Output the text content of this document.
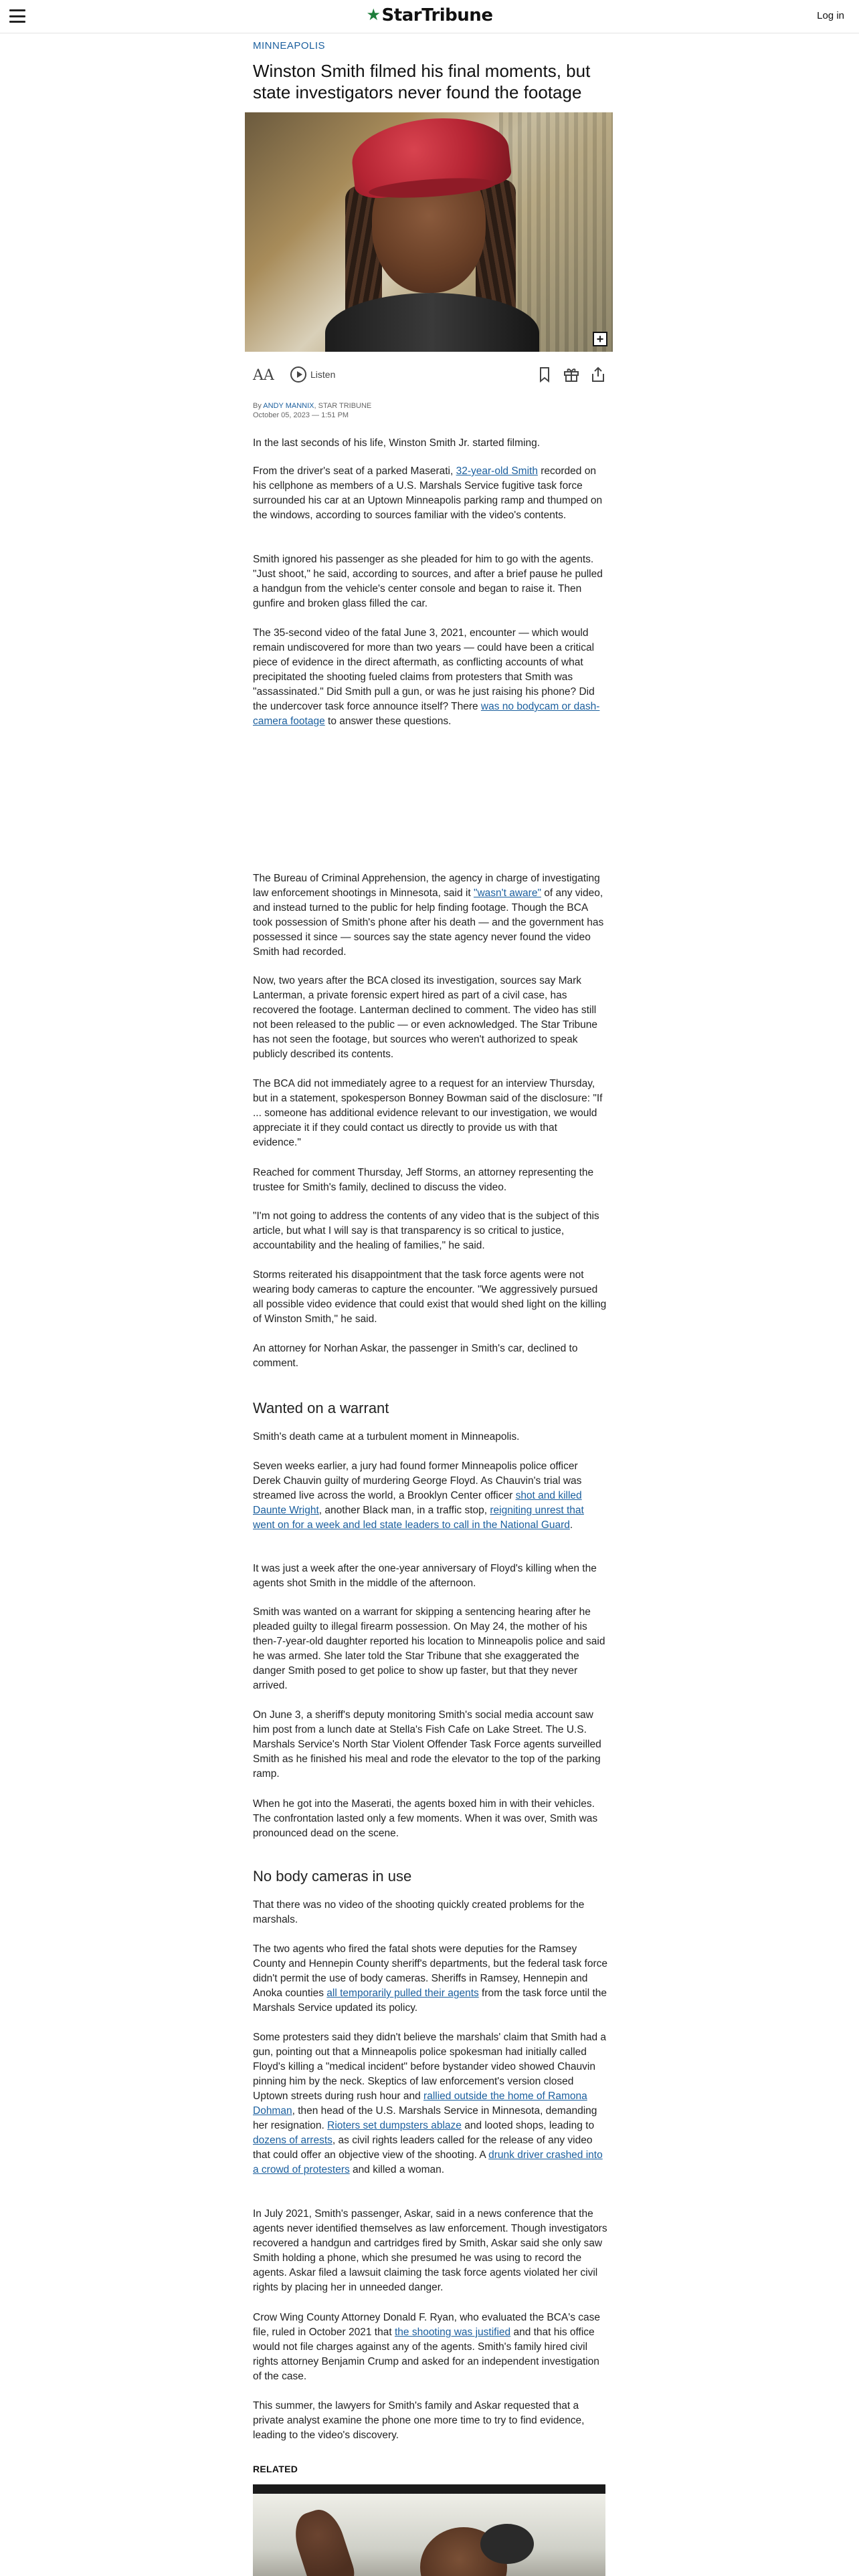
★StarTribune	Log in
MINNEAPOLIS
Winston Smith filmed his final moments, but state investigators never found the footage
+
AA	Listen
By ANDY MANNIX, STAR TRIBUNE
October 05, 2023 — 1:51 PM

In the last seconds of his life, Winston Smith Jr. started filming.

From the driver's seat of a parked Maserati, 32-year-old Smith recorded on his cellphone as members of a U.S. Marshals Service fugitive task force surrounded his car at an Uptown Minneapolis parking ramp and thumped on the windows, according to sources familiar with the video's contents.

Smith ignored his passenger as she pleaded for him to go with the agents. "Just shoot," he said, according to sources, and after a brief pause he pulled a handgun from the vehicle's center console and began to raise it. Then gunfire and broken glass filled the car.

The 35-second video of the fatal June 3, 2021, encounter — which would remain undiscovered for more than two years — could have been a critical piece of evidence in the direct aftermath, as conflicting accounts of what precipitated the shooting fueled claims from protesters that Smith was "assassinated." Did Smith pull a gun, or was he just raising his phone? Did the undercover task force announce itself? There was no bodycam or dash-camera footage to answer these questions.

The Bureau of Criminal Apprehension, the agency in charge of investigating law enforcement shootings in Minnesota, said it "wasn't aware" of any video, and instead turned to the public for help finding footage. Though the BCA took possession of Smith's phone after his death — and the government has possessed it since — sources say the state agency never found the video Smith had recorded.

Now, two years after the BCA closed its investigation, sources say Mark Lanterman, a private forensic expert hired as part of a civil case, has recovered the footage. Lanterman declined to comment. The video has still not been released to the public — or even acknowledged. The Star Tribune has not seen the footage, but sources who weren't authorized to speak publicly described its contents.

The BCA did not immediately agree to a request for an interview Thursday, but in a statement, spokesperson Bonney Bowman said of the disclosure: "If ... someone has additional evidence relevant to our investigation, we would appreciate it if they could contact us directly to provide us with that evidence."

Reached for comment Thursday, Jeff Storms, an attorney representing the trustee for Smith's family, declined to discuss the video.

"I'm not going to address the contents of any video that is the subject of this article, but what I will say is that transparency is so critical to justice, accountability and the healing of families," he said.

Storms reiterated his disappointment that the task force agents were not wearing body cameras to capture the encounter. "We aggressively pursued all possible video evidence that could exist that would shed light on the killing of Winston Smith," he said.

An attorney for Norhan Askar, the passenger in Smith's car, declined to comment.

Wanted on a warrant

Smith's death came at a turbulent moment in Minneapolis.

Seven weeks earlier, a jury had found former Minneapolis police officer Derek Chauvin guilty of murdering George Floyd. As Chauvin's trial was streamed live across the world, a Brooklyn Center officer shot and killed Daunte Wright, another Black man, in a traffic stop, reigniting unrest that went on for a week and led state leaders to call in the National Guard.

It was just a week after the one-year anniversary of Floyd's killing when the agents shot Smith in the middle of the afternoon.

Smith was wanted on a warrant for skipping a sentencing hearing after he pleaded guilty to illegal firearm possession. On May 24, the mother of his then-7-year-old daughter reported his location to Minneapolis police and said he was armed. She later told the Star Tribune that she exaggerated the danger Smith posed to get police to show up faster, but that they never arrived.

On June 3, a sheriff's deputy monitoring Smith's social media account saw him post from a lunch date at Stella's Fish Cafe on Lake Street. The U.S. Marshals Service's North Star Violent Offender Task Force agents surveilled Smith as he finished his meal and rode the elevator to the top of the parking ramp.

When he got into the Maserati, the agents boxed him in with their vehicles. The confrontation lasted only a few moments. When it was over, Smith was pronounced dead on the scene.

No body cameras in use

That there was no video of the shooting quickly created problems for the marshals.

The two agents who fired the fatal shots were deputies for the Ramsey County and Hennepin County sheriff's departments, but the federal task force didn't permit the use of body cameras. Sheriffs in Ramsey, Hennepin and Anoka counties all temporarily pulled their agents from the task force until the Marshals Service updated its policy.

Some protesters said they didn't believe the marshals' claim that Smith had a gun, pointing out that a Minneapolis police spokesman had initially called Floyd's killing a "medical incident" before bystander video showed Chauvin pinning him by the neck. Skeptics of law enforcement's version closed Uptown streets during rush hour and rallied outside the home of Ramona Dohman, then head of the U.S. Marshals Service in Minnesota, demanding her resignation. Rioters set dumpsters ablaze and looted shops, leading to dozens of arrests, as civil rights leaders called for the release of any video that could offer an objective view of the shooting. A drunk driver crashed into a crowd of protesters and killed a woman.

In July 2021, Smith's passenger, Askar, said in a news conference that the agents never identified themselves as law enforcement. Though investigators recovered a handgun and cartridges fired by Smith, Askar said she only saw Smith holding a phone, which she presumed he was using to record the agents. Askar filed a lawsuit claiming the task force agents violated her civil rights by placing her in unneeded danger.

Crow Wing County Attorney Donald F. Ryan, who evaluated the BCA's case file, ruled in October 2021 that the shooting was justified and that his office would not file charges against any of the agents. Smith's family hired civil rights attorney Benjamin Crump and asked for an independent investigation of the case.

This summer, the lawyers for Smith's family and Askar requested that a private analyst examine the phone one more time to try to find evidence, leading to the video's discovery.

RELATED
